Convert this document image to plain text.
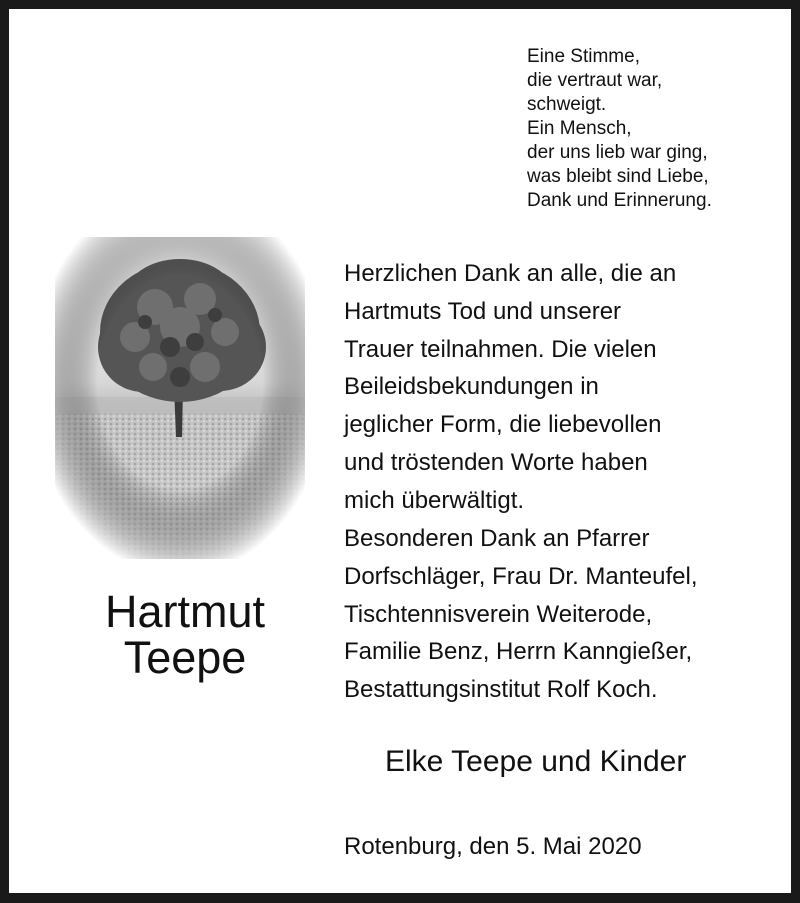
Eine Stimme,
die vertraut war,
schweigt.
Ein Mensch,
der uns lieb war ging,
was bleibt sind Liebe,
Dank und Erinnerung.
Hartmut
Teepe
Herzlichen Dank an alle, die an
Hartmuts Tod und unserer
Trauer teilnahmen. Die vielen
Beileidsbekundungen in
jeglicher Form, die liebevollen
und tröstenden Worte haben
mich überwältigt.
Besonderen Dank an Pfarrer
Dorfschläger, Frau Dr. Manteufel,
Tischtennisverein Weiterode,
Familie Benz, Herrn Kanngießer,
Bestattungsinstitut Rolf Koch.
Elke Teepe und Kinder
Rotenburg, den 5. Mai 2020
